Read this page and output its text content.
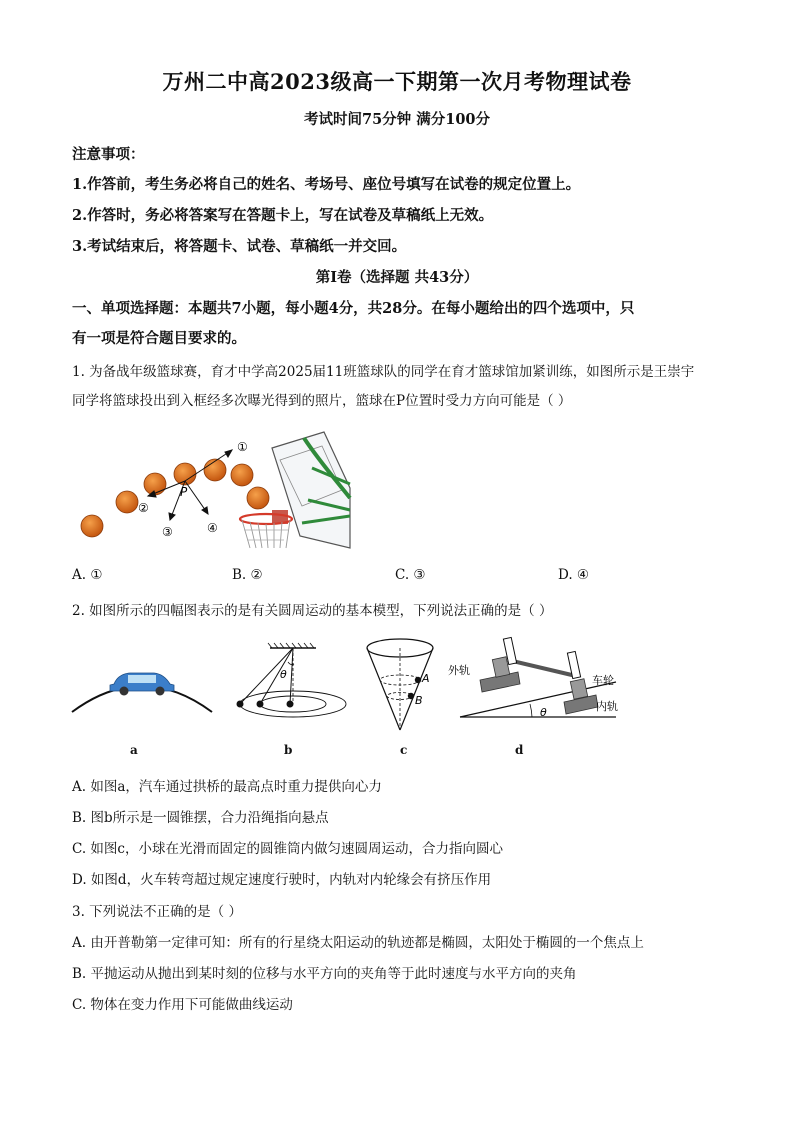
万州二中高2023级高一下期第一次月考物理试卷
考试时间75分钟 满分100分
注意事项：
1.作答前，考生务必将自己的姓名、考场号、座位号填写在试卷的规定位置上。
2.作答时，务必将答案写在答题卡上，写在试卷及草稿纸上无效。
3.考试结束后，将答题卡、试卷、草稿纸一并交回。
第I卷（选择题 共43分）
一、单项选择题：本题共7小题，每小题4分，共28分。在每小题给出的四个选项中，只
有一项是符合题目要求的。
1. 为备战年级篮球赛，育才中学高2025届11班篮球队的同学在育才篮球馆加紧训练，如图所示是王崇宇
同学将篮球投出到入框经多次曝光得到的照片，篮球在P位置时受力方向可能是（ ）
①
②
③	④
P
A. ①	B. ②	C. ③	D. ④
2. 如图所示的四幅图表示的是有关圆周运动的基本模型，下列说法正确的是（ ）
a
θ
b
A
B
c
θ
外轨
车轮
内轨
d
A. 如图a，汽车通过拱桥的最高点时重力提供向心力
B. 图b所示是一圆锥摆，合力沿绳指向悬点
C. 如图c，小球在光滑而固定的圆锥筒内做匀速圆周运动，合力指向圆心
D. 如图d，火车转弯超过规定速度行驶时，内轨对内轮缘会有挤压作用
3. 下列说法不正确的是（ ）
A. 由开普勒第一定律可知：所有的行星绕太阳运动的轨迹都是椭圆，太阳处于椭圆的一个焦点上
B. 平抛运动从抛出到某时刻的位移与水平方向的夹角等于此时速度与水平方向的夹角
C. 物体在变力作用下可能做曲线运动
